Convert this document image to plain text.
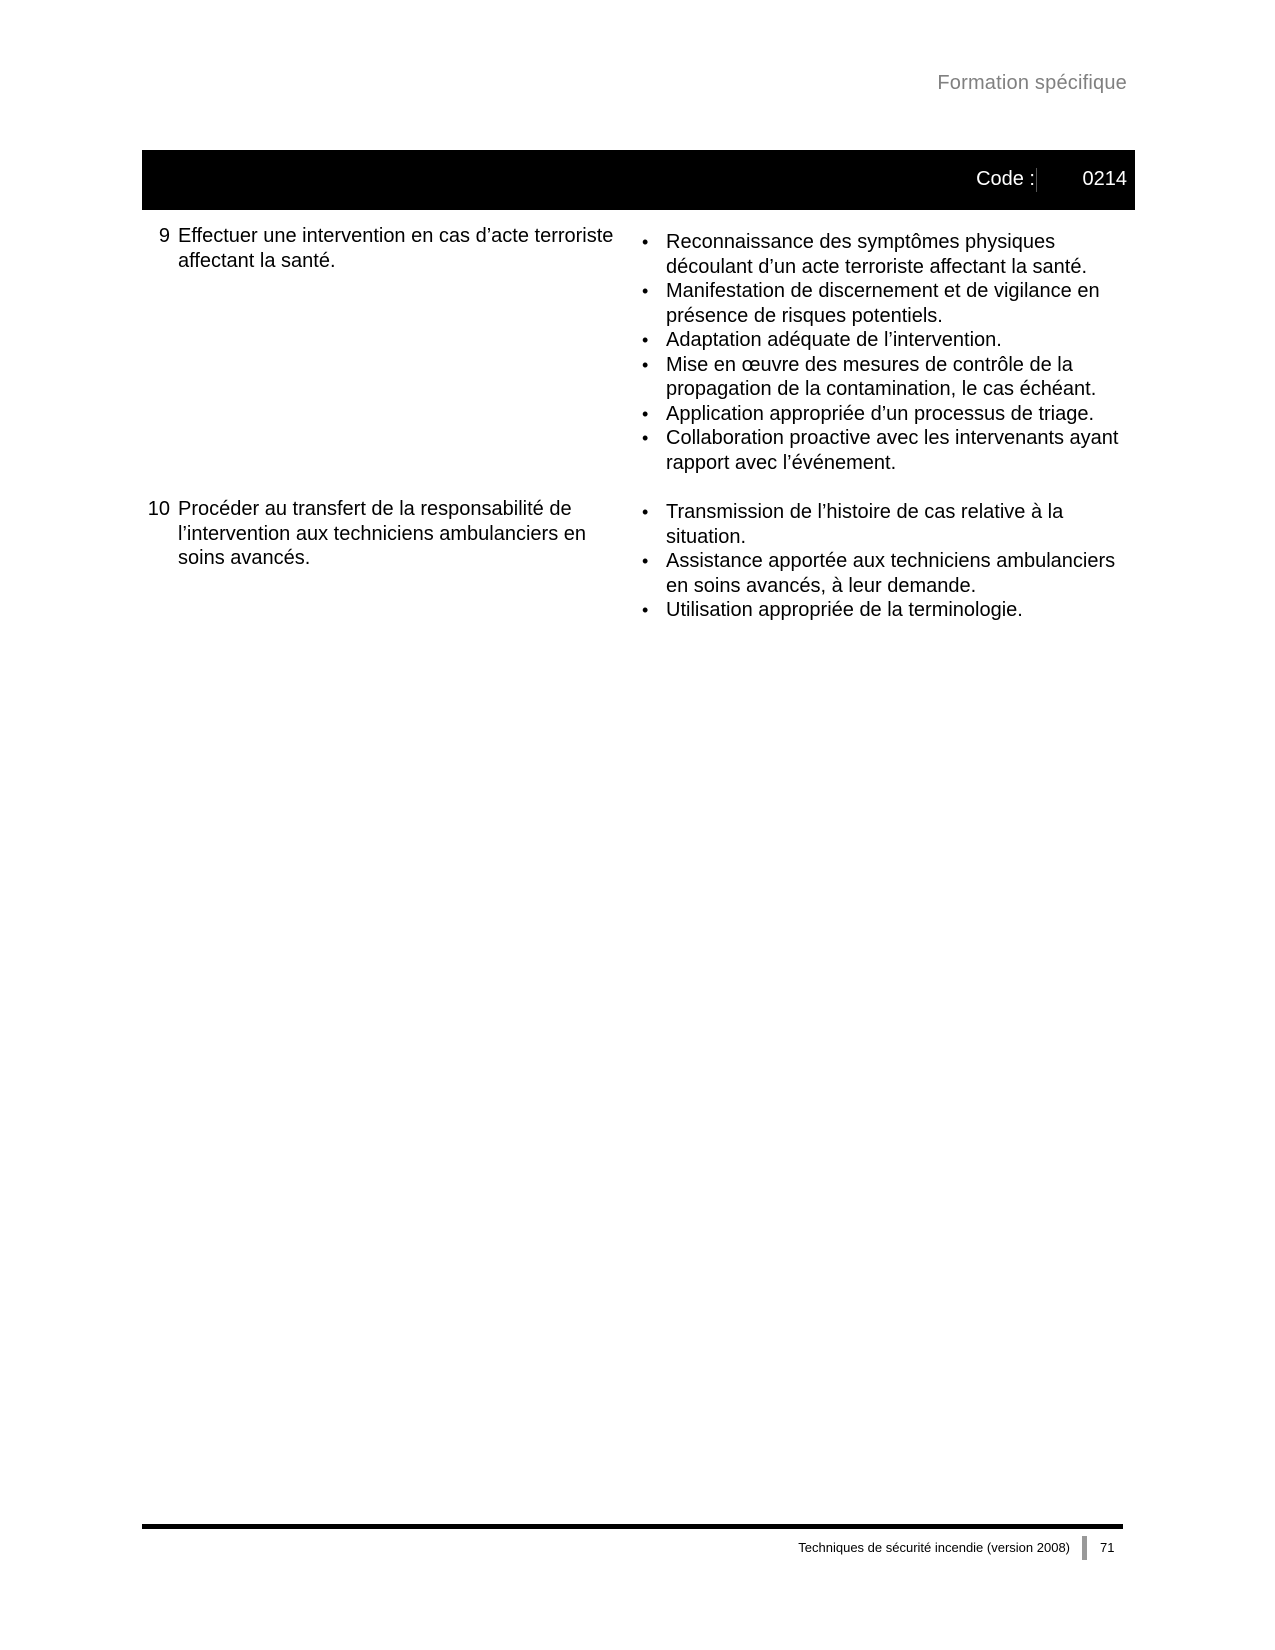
Formation spécifique
Code : 0214
9 Effectuer une intervention en cas d’acte terroriste affectant la santé.
• Reconnaissance des symptômes physiques découlant d’un acte terroriste affectant la santé.
• Manifestation de discernement et de vigilance en présence de risques potentiels.
• Adaptation adéquate de l’intervention.
• Mise en œuvre des mesures de contrôle de la propagation de la contamination, le cas échéant.
• Application appropriée d’un processus de triage.
• Collaboration proactive avec les intervenants ayant rapport avec l’événement.
10 Procéder au transfert de la responsabilité de l’intervention aux techniciens ambulanciers en soins avancés.
• Transmission de l’histoire de cas relative à la situation.
• Assistance apportée aux techniciens ambulanciers en soins avancés, à leur demande.
• Utilisation appropriée de la terminologie.
Techniques de sécurité incendie (version 2008) 71
